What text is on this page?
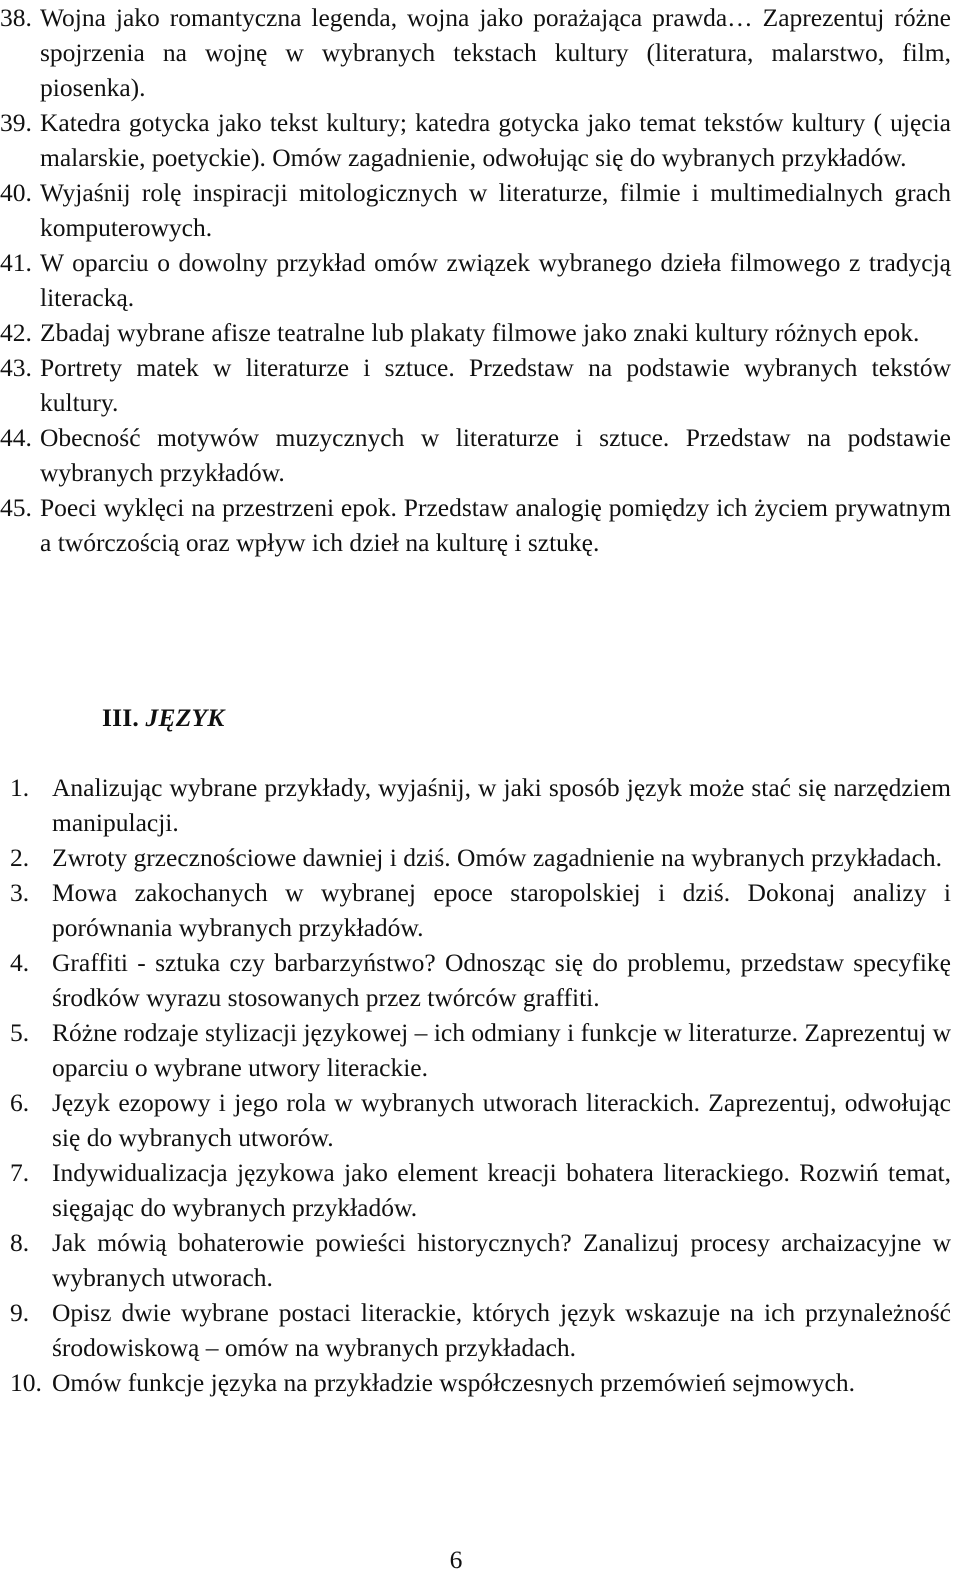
38. Wojna jako romantyczna legenda, wojna jako porażająca prawda… Zaprezentuj różne spojrzenia na wojnę w wybranych tekstach kultury (literatura, malarstwo, film, piosenka).

39. Katedra gotycka jako tekst kultury; katedra gotycka jako temat tekstów kultury ( ujęcia malarskie, poetyckie). Omów zagadnienie, odwołując się do wybranych przykładów.

40. Wyjaśnij rolę inspiracji mitologicznych w literaturze, filmie i multimedialnych grach komputerowych.

41. W oparciu o dowolny przykład omów związek wybranego dzieła filmowego z tradycją literacką.

42. Zbadaj wybrane afisze teatralne lub plakaty filmowe jako znaki kultury różnych epok.

43. Portrety matek w literaturze i sztuce. Przedstaw na podstawie wybranych tekstów kultury.

44. Obecność motywów muzycznych w literaturze i sztuce. Przedstaw na podstawie wybranych przykładów.

45. Poeci wyklęci na przestrzeni epok. Przedstaw analogię pomiędzy ich życiem prywatnym a twórczością oraz wpływ ich dzieł na kulturę i sztukę.

III. JĘZYK

1. Analizując wybrane przykłady, wyjaśnij, w jaki sposób język może stać się narzędziem manipulacji.

2. Zwroty grzecznościowe dawniej i dziś. Omów zagadnienie na wybranych przykładach.

3. Mowa zakochanych w wybranej epoce staropolskiej i dziś. Dokonaj analizy i porównania wybranych przykładów.

4. Graffiti - sztuka czy barbarzyństwo? Odnosząc się do problemu, przedstaw specyfikę środków wyrazu stosowanych przez twórców graffiti.

5. Różne rodzaje stylizacji językowej – ich odmiany i funkcje w literaturze. Zaprezentuj w oparciu o wybrane utwory literackie.

6. Język ezopowy i jego rola w wybranych utworach literackich. Zaprezentuj, odwołując się do wybranych utworów.

7. Indywidualizacja językowa jako element kreacji bohatera literackiego. Rozwiń temat, sięgając do wybranych przykładów.

8. Jak mówią bohaterowie powieści historycznych? Zanalizuj procesy archaizacyjne w wybranych utworach.

9. Opisz dwie wybrane postaci literackie, których język wskazuje na ich przynależność środowiskową – omów na wybranych przykładach.

10. Omów funkcje języka na przykładzie współczesnych przemówień sejmowych.

6
